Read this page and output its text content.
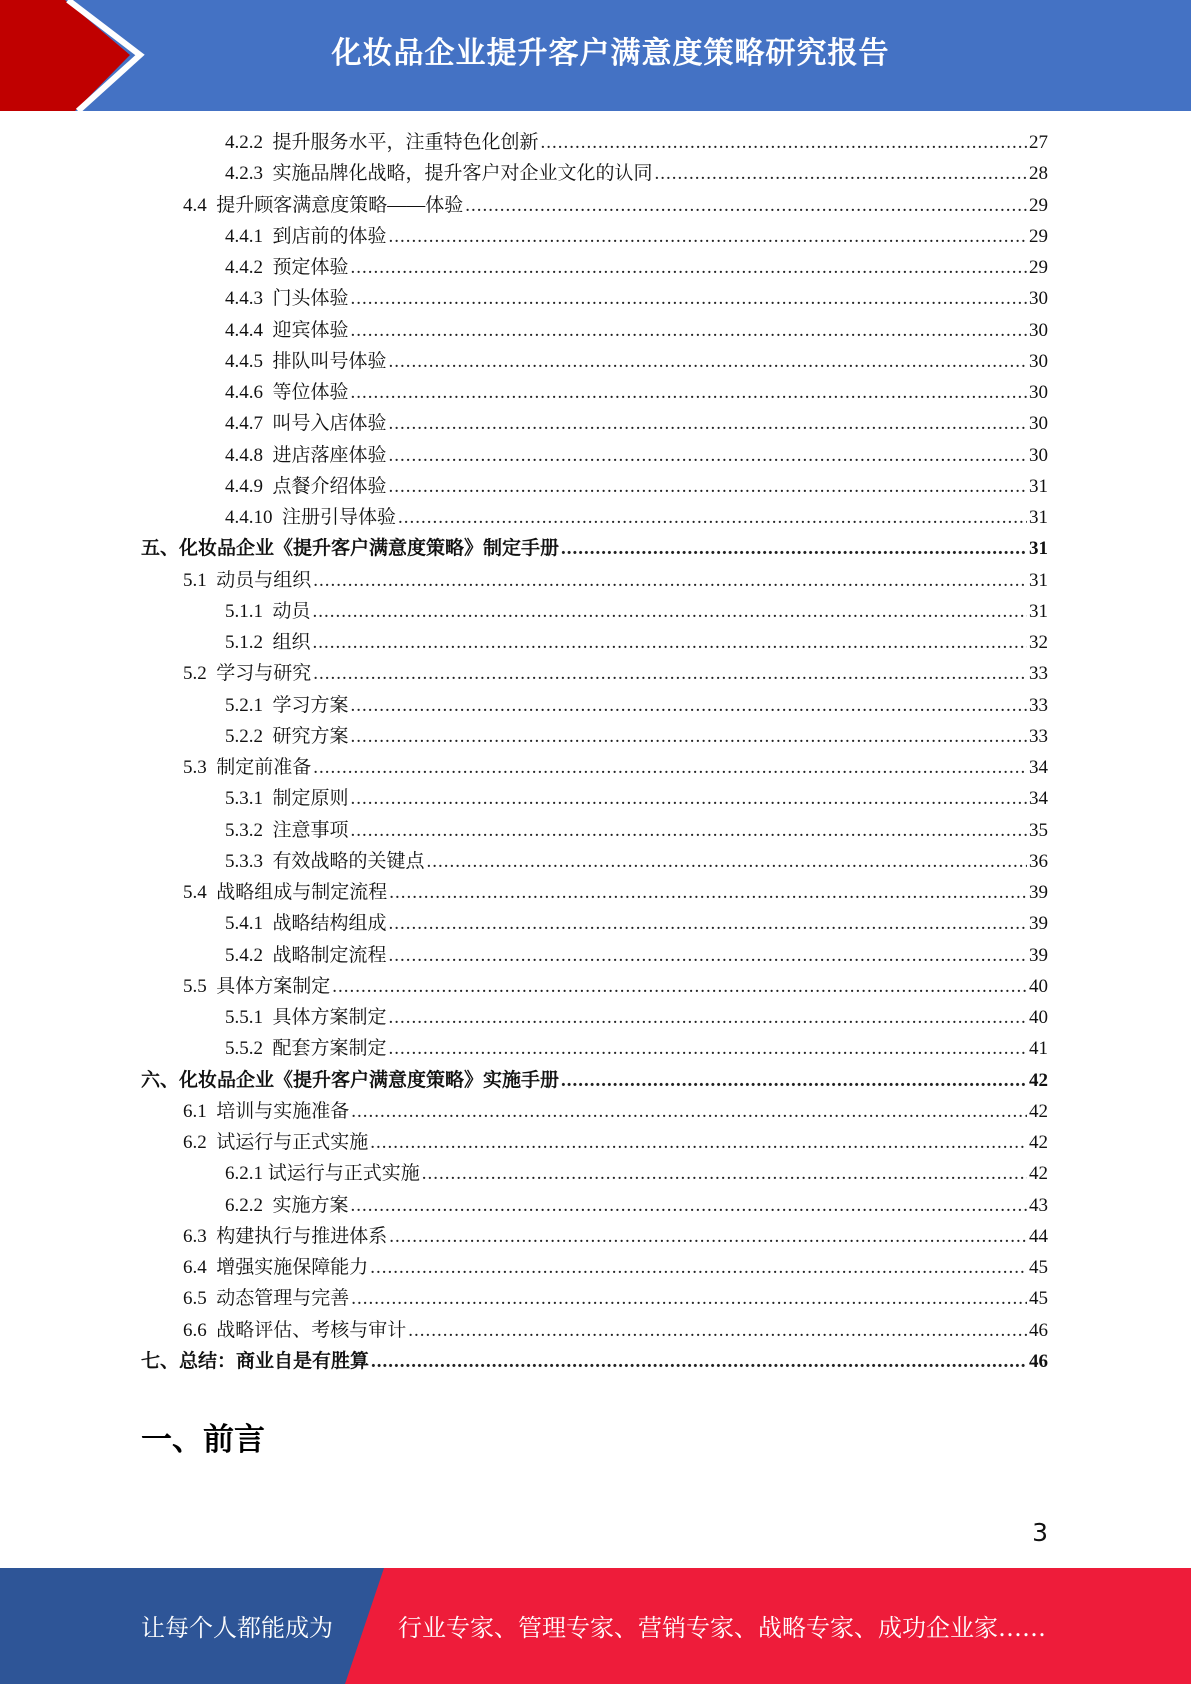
化妆品企业提升客户满意度策略研究报告
4.2.2 提升服务水平，注重特色化创新 .....	27
4.2.3 实施品牌化战略，提升客户对企业文化的认同 .....	28
4.4 提升顾客满意度策略——体验 .....	29
4.4.1 到店前的体验 .....	29
4.4.2 预定体验 .....	29
4.4.3 门头体验 .....	30
4.4.4 迎宾体验 .....	30
4.4.5 排队叫号体验 .....	30
4.4.6 等位体验 .....	30
4.4.7 叫号入店体验 .....	30
4.4.8 进店落座体验 .....	30
4.4.9 点餐介绍体验 .....	31
4.4.10 注册引导体验 .....	31
五、 化妆品企业《提升客户满意度策略》制定手册 .....	31
5.1 动员与组织 .....	31
5.1.1 动员 .....	31
5.1.2 组织 .....	32
5.2 学习与研究 .....	33
5.2.1 学习方案 .....	33
5.2.2 研究方案 .....	33
5.3 制定前准备 .....	34
5.3.1 制定原则 .....	34
5.3.2 注意事项 .....	35
5.3.3 有效战略的关键点 .....	36
5.4 战略组成与制定流程 .....	39
5.4.1 战略结构组成 .....	39
5.4.2 战略制定流程 .....	39
5.5 具体方案制定 .....	40
5.5.1 具体方案制定 .....	40
5.5.2 配套方案制定 .....	41
六、 化妆品企业《提升客户满意度策略》实施手册 .....	42
6.1 培训与实施准备 .....	42
6.2 试运行与正式实施 .....	42
6.2.1 试运行与正式实施 .....	42
6.2.2 实施方案 .....	43
6.3 构建执行与推进体系 .....	44
6.4 增强实施保障能力 .....	45
6.5 动态管理与完善 .....	45
6.6 战略评估、考核与审计 .....	46
七、 总结：商业自是有胜算 .....	46
一、前言
3
让每个人都能成为	行业专家、管理专家、营销专家、战略专家、成功企业家……
